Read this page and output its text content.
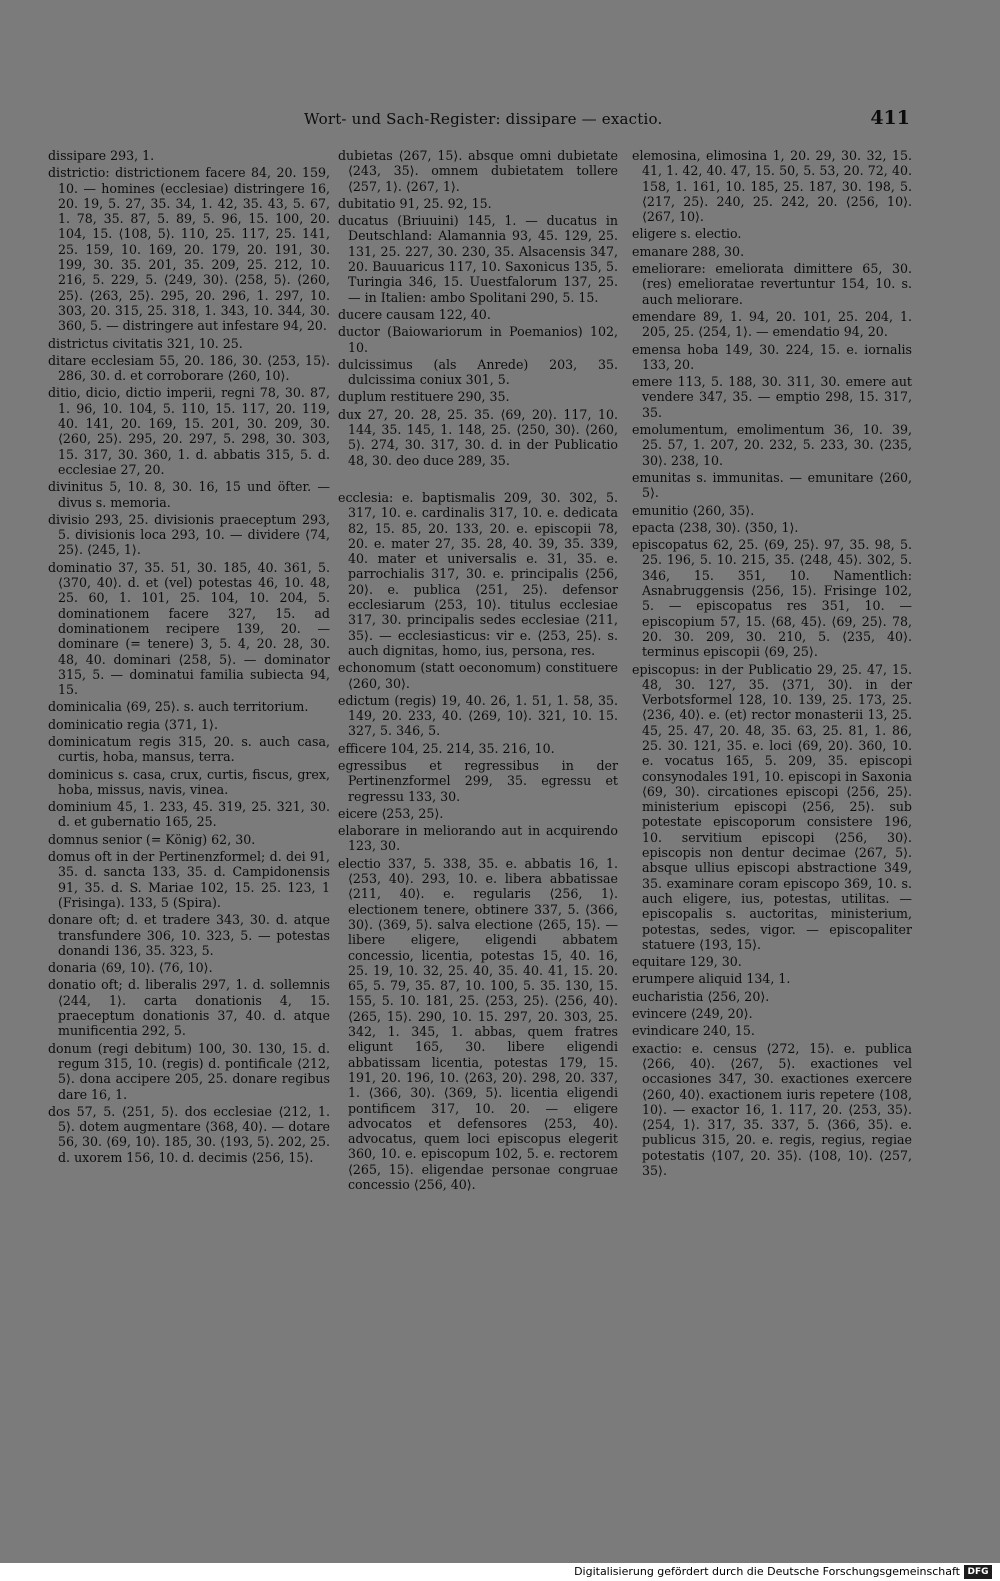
Wort- und Sach-Register: dissipare — exactio.	411
dissipare 293, 1.
districtio: districtionem facere 84, 20. 159, 10. — homines (ecclesiae) distringere 16, 20. 19, 5. 27, 35. 34, 1. 42, 35. 43, 5. 67, 1. 78, 35. 87, 5. 89, 5. 96, 15. 100, 20. 104, 15. ⟨108, 5⟩. 110, 25. 117, 25. 141, 25. 159, 10. 169, 20. 179, 20. 191, 30. 199, 30. 35. 201, 35. 209, 25. 212, 10. 216, 5. 229, 5. ⟨249, 30⟩. ⟨258, 5⟩. ⟨260, 25⟩. ⟨263, 25⟩. 295, 20. 296, 1. 297, 10. 303, 20. 315, 25. 318, 1. 343, 10. 344, 30. 360, 5. — distringere aut infestare 94, 20.
districtus civitatis 321, 10. 25.
ditare ecclesiam 55, 20. 186, 30. ⟨253, 15⟩. 286, 30. d. et corroborare ⟨260, 10⟩.
ditio, dicio, dictio imperii, regni 78, 30. 87, 1. 96, 10. 104, 5. 110, 15. 117, 20. 119, 40. 141, 20. 169, 15. 201, 30. 209, 30. ⟨260, 25⟩. 295, 20. 297, 5. 298, 30. 303, 15. 317, 30. 360, 1. d. abbatis 315, 5. d. ecclesiae 27, 20.
divinitus 5, 10. 8, 30. 16, 15 und öfter. — divus s. memoria.
divisio 293, 25. divisionis praeceptum 293, 5. divisionis loca 293, 10. — dividere ⟨74, 25⟩. ⟨245, 1⟩.
dominatio 37, 35. 51, 30. 185, 40. 361, 5. ⟨370, 40⟩. d. et (vel) potestas 46, 10. 48, 25. 60, 1. 101, 25. 104, 10. 204, 5. dominationem facere 327, 15. ad dominationem recipere 139, 20. — dominare (= tenere) 3, 5. 4, 20. 28, 30. 48, 40. dominari ⟨258, 5⟩. — dominator 315, 5. — dominatui familia subiecta 94, 15.
dominicalia ⟨69, 25⟩. s. auch territorium.
dominicatio regia ⟨371, 1⟩.
dominicatum regis 315, 20. s. auch casa, curtis, hoba, mansus, terra.
dominicus s. casa, crux, curtis, fiscus, grex, hoba, missus, navis, vinea.
dominium 45, 1. 233, 45. 319, 25. 321, 30. d. et gubernatio 165, 25.
domnus senior (= König) 62, 30.
domus oft in der Pertinenzformel; d. dei 91, 35. d. sancta 133, 35. d. Campidonensis 91, 35. d. S. Mariae 102, 15. 25. 123, 1 (Frisinga). 133, 5 (Spira).
donare oft; d. et tradere 343, 30. d. atque transfundere 306, 10. 323, 5. — potestas donandi 136, 35. 323, 5.
donaria ⟨69, 10⟩. ⟨76, 10⟩.
donatio oft; d. liberalis 297, 1. d. sollemnis ⟨244, 1⟩. carta donationis 4, 15. praeceptum donationis 37, 40. d. atque munificentia 292, 5.
donum (regi debitum) 100, 30. 130, 15. d. regum 315, 10. (regis) d. pontificale ⟨212, 5⟩. dona accipere 205, 25. donare regibus dare 16, 1.
dos 57, 5. ⟨251, 5⟩. dos ecclesiae ⟨212, 1. 5⟩. dotem augmentare ⟨368, 40⟩. — dotare 56, 30. ⟨69, 10⟩. 185, 30. ⟨193, 5⟩. 202, 25. d. uxorem 156, 10. d. decimis ⟨256, 15⟩.
dubietas ⟨267, 15⟩. absque omni dubietate ⟨243, 35⟩. omnem dubietatem tollere ⟨257, 1⟩. ⟨267, 1⟩.
dubitatio 91, 25. 92, 15.
ducatus (Briuuini) 145, 1. — ducatus in Deutschland: Alamannia 93, 45. 129, 25. 131, 25. 227, 30. 230, 35. Alsacensis 347, 20. Bauuaricus 117, 10. Saxonicus 135, 5. Turingia 346, 15. Uuestfalorum 137, 25. — in Italien: ambo Spolitani 290, 5. 15.
ducere causam 122, 40.
ductor (Baiowariorum in Poemanios) 102, 10.
dulcissimus (als Anrede) 203, 35. dulcissima coniux 301, 5.
duplum restituere 290, 35.
dux 27, 20. 28, 25. 35. ⟨69, 20⟩. 117, 10. 144, 35. 145, 1. 148, 25. ⟨250, 30⟩. ⟨260, 5⟩. 274, 30. 317, 30. d. in der Publicatio 48, 30. deo duce 289, 35.
ecclesia: e. baptismalis 209, 30. 302, 5. 317, 10. e. cardinalis 317, 10. e. dedicata 82, 15. 85, 20. 133, 20. e. episcopii 78, 20. e. mater 27, 35. 28, 40. 39, 35. 339, 40. mater et universalis e. 31, 35. e. parrochialis 317, 30. e. principalis ⟨256, 20⟩. e. publica ⟨251, 25⟩. defensor ecclesiarum ⟨253, 10⟩. titulus ecclesiae 317, 30. principalis sedes ecclesiae ⟨211, 35⟩. — ecclesiasticus: vir e. ⟨253, 25⟩. s. auch dignitas, homo, ius, persona, res.
echonomum (statt oeconomum) constituere ⟨260, 30⟩.
edictum (regis) 19, 40. 26, 1. 51, 1. 58, 35. 149, 20. 233, 40. ⟨269, 10⟩. 321, 10. 15. 327, 5. 346, 5.
efficere 104, 25. 214, 35. 216, 10.
egressibus et regressibus in der Pertinenzformel 299, 35. egressu et regressu 133, 30.
eicere ⟨253, 25⟩.
elaborare in meliorando aut in acquirendo 123, 30.
electio 337, 5. 338, 35. e. abbatis 16, 1. ⟨253, 40⟩. 293, 10. e. libera abbatissae ⟨211, 40⟩. e. regularis ⟨256, 1⟩. electionem tenere, obtinere 337, 5. ⟨366, 30⟩. ⟨369, 5⟩. salva electione ⟨265, 15⟩. — libere eligere, eligendi abbatem concessio, licentia, potestas 15, 40. 16, 25. 19, 10. 32, 25. 40, 35. 40. 41, 15. 20. 65, 5. 79, 35. 87, 10. 100, 5. 35. 130, 15. 155, 5. 10. 181, 25. ⟨253, 25⟩. ⟨256, 40⟩. ⟨265, 15⟩. 290, 10. 15. 297, 20. 303, 25. 342, 1. 345, 1. abbas, quem fratres eligunt 165, 30. libere eligendi abbatissam licentia, potestas 179, 15. 191, 20. 196, 10. ⟨263, 20⟩. 298, 20. 337, 1. ⟨366, 30⟩. ⟨369, 5⟩. licentia eligendi pontificem 317, 10. 20. — eligere advocatos et defensores ⟨253, 40⟩. advocatus, quem loci episcopus elegerit 360, 10. e. episcopum 102, 5. e. rectorem ⟨265, 15⟩. eligendae personae congruae concessio ⟨256, 40⟩.
elemosina, elimosina 1, 20. 29, 30. 32, 15. 41, 1. 42, 40. 47, 15. 50, 5. 53, 20. 72, 40. 158, 1. 161, 10. 185, 25. 187, 30. 198, 5. ⟨217, 25⟩. 240, 25. 242, 20. ⟨256, 10⟩. ⟨267, 10⟩.
eligere s. electio.
emanare 288, 30.
emeliorare: emeliorata dimittere 65, 30. (res) emelioratae revertuntur 154, 10. s. auch meliorare.
emendare 89, 1. 94, 20. 101, 25. 204, 1. 205, 25. ⟨254, 1⟩. — emendatio 94, 20.
emensa hoba 149, 30. 224, 15. e. iornalis 133, 20.
emere 113, 5. 188, 30. 311, 30. emere aut vendere 347, 35. — emptio 298, 15. 317, 35.
emolumentum, emolimentum 36, 10. 39, 25. 57, 1. 207, 20. 232, 5. 233, 30. ⟨235, 30⟩. 238, 10.
emunitas s. immunitas. — emunitare ⟨260, 5⟩.
emunitio ⟨260, 35⟩.
epacta ⟨238, 30⟩. ⟨350, 1⟩.
episcopatus 62, 25. ⟨69, 25⟩. 97, 35. 98, 5. 25. 196, 5. 10. 215, 35. ⟨248, 45⟩. 302, 5. 346, 15. 351, 10. Namentlich: Asnabruggensis ⟨256, 15⟩. Frisinge 102, 5. — episcopatus res 351, 10. — episcopium 57, 15. ⟨68, 45⟩. ⟨69, 25⟩. 78, 20. 30. 209, 30. 210, 5. ⟨235, 40⟩. terminus episcopii ⟨69, 25⟩.
episcopus: in der Publicatio 29, 25. 47, 15. 48, 30. 127, 35. ⟨371, 30⟩. in der Verbotsformel 128, 10. 139, 25. 173, 25. ⟨236, 40⟩. e. (et) rector monasterii 13, 25. 45, 25. 47, 20. 48, 35. 63, 25. 81, 1. 86, 25. 30. 121, 35. e. loci ⟨69, 20⟩. 360, 10. e. vocatus 165, 5. 209, 35. episcopi consynodales 191, 10. episcopi in Saxonia ⟨69, 30⟩. circationes episcopi ⟨256, 25⟩. ministerium episcopi ⟨256, 25⟩. sub potestate episcoporum consistere 196, 10. servitium episcopi ⟨256, 30⟩. episcopis non dentur decimae ⟨267, 5⟩. absque ullius episcopi abstractione 349, 35. examinare coram episcopo 369, 10. s. auch eligere, ius, potestas, utilitas. — episcopalis s. auctoritas, ministerium, potestas, sedes, vigor. — episcopaliter statuere ⟨193, 15⟩.
equitare 129, 30.
erumpere aliquid 134, 1.
eucharistia ⟨256, 20⟩.
evincere ⟨249, 20⟩.
evindicare 240, 15.
exactio: e. census ⟨272, 15⟩. e. publica ⟨266, 40⟩. ⟨267, 5⟩. exactiones vel occasiones 347, 30. exactiones exercere ⟨260, 40⟩. exactionem iuris repetere ⟨108, 10⟩. — exactor 16, 1. 117, 20. ⟨253, 35⟩. ⟨254, 1⟩. 317, 35. 337, 5. ⟨366, 35⟩. e. publicus 315, 20. e. regis, regius, regiae potestatis ⟨107, 20. 35⟩. ⟨108, 10⟩. ⟨257, 35⟩.
Digitalisierung gefördert durch die Deutsche Forschungsgemeinschaft DFG
